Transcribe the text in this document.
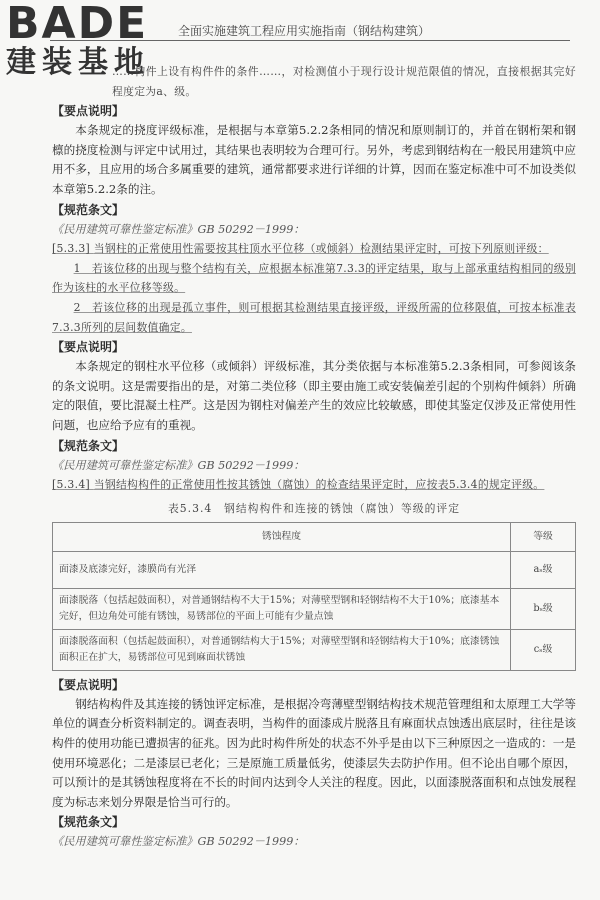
BADE
建装基地
全面实施建筑工程应用实施指南（钢结构建筑）

……构件上设有构件件的条件……，对检测值小于现行设计规范限值的情况，直接根据其完好程度定为a、级。

【要点说明】

本条规定的挠度评级标准，是根据与本章第5.2.2条相同的情况和原则制订的，并首在钢桁架和钢檩的挠度检测与评定中试用过，其结果也表明较为合理可行。另外，考虑到钢结构在一般民用建筑中应用不多，且应用的场合多属重要的建筑，通常都要求进行详细的计算，因而在鉴定标准中可不加设类似本章第5.2.2条的注。

【规范条文】

《民用建筑可靠性鉴定标准》GB 50292－1999：

[5.3.3] 当钢柱的正常使用性需要按其柱顶水平位移（或倾斜）检测结果评定时，可按下列原则评级：

1　若该位移的出现与整个结构有关，应根据本标准第7.3.3的评定结果，取与上部承重结构相同的级别作为该柱的水平位移等级。

2　若该位移的出现是孤立事件，则可根据其检测结果直接评级，评级所需的位移限值，可按本标准表7.3.3所列的层间数值确定。

【要点说明】

本条规定的钢柱水平位移（或倾斜）评级标准，其分类依据与本标准第5.2.3条相同，可参阅该条的条文说明。这是需要指出的是，对第二类位移（即主要由施工或安装偏差引起的个别构件倾斜）所确定的限值，要比混凝土柱严。这是因为钢柱对偏差产生的效应比较敏感，即使其鉴定仅涉及正常使用性问题，也应给予应有的重视。

【规范条文】

《民用建筑可靠性鉴定标准》GB 50292－1999：

[5.3.4] 当钢结构构件的正常使用性按其锈蚀（腐蚀）的检查结果评定时，应按表5.3.4的规定评级。

表5.3.4　钢结构构件和连接的锈蚀（腐蚀）等级的评定
锈蚀程度	等级
面漆及底漆完好，漆膜尚有光泽	aₛ级
面漆脱落（包括起鼓面积），对普通钢结构不大于15%；对薄壁型钢和轻钢结构不大于10%；底漆基本完好，但边角处可能有锈蚀，易锈部位的平面上可能有少量点蚀	bₛ级
面漆脱落面积（包括起鼓面积），对普通钢结构大于15%；对薄壁型钢和轻钢结构大于10%；底漆锈蚀面积正在扩大，易锈部位可见到麻面状锈蚀	cₛ级
【要点说明】

钢结构构件及其连接的锈蚀评定标准，是根据冷弯薄壁型钢结构技术规范管理组和太原理工大学等单位的调查分析资料制定的。调查表明，当构件的面漆成片脱落且有麻面状点蚀透出底层时，往往是该构件的使用功能已遭损害的征兆。因为此时构件所处的状态不外乎是由以下三种原因之一造成的：一是使用环境恶化；二是漆层已老化；三是原施工质量低劣，使漆层失去防护作用。但不论出自哪个原因，可以预计的是其锈蚀程度将在不长的时间内达到令人关注的程度。因此，以面漆脱落面积和点蚀发展程度为标志来划分界限是恰当可行的。

【规范条文】

《民用建筑可靠性鉴定标准》GB 50292－1999：
